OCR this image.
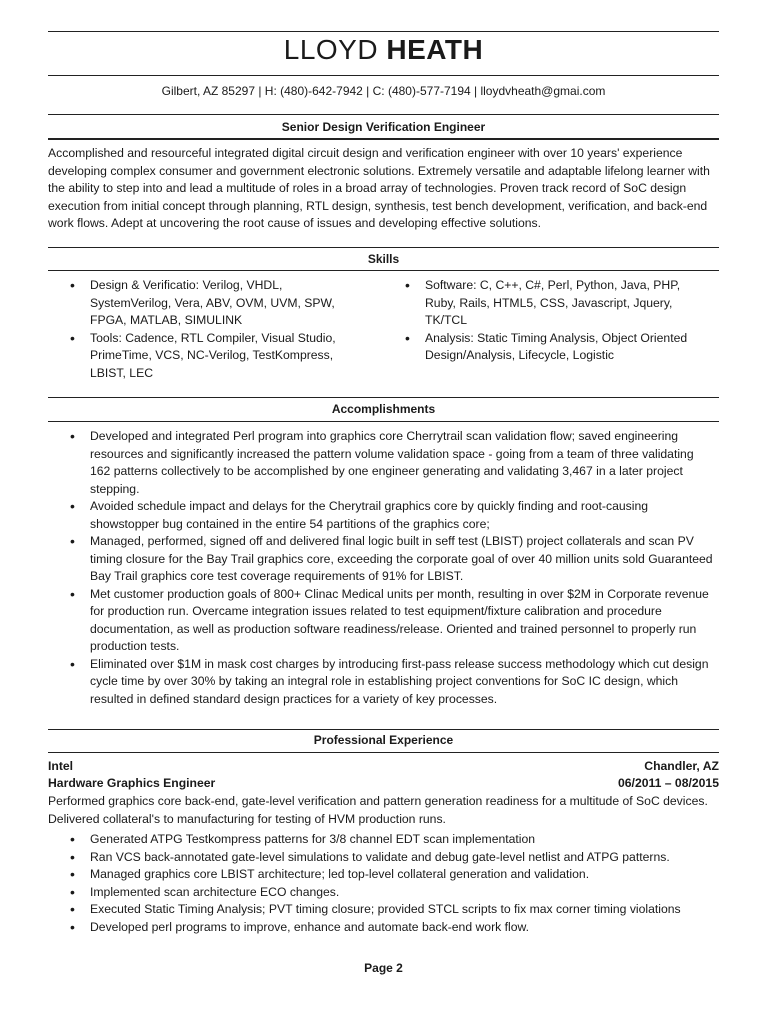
LLOYD HEATH
Gilbert, AZ 85297 | H: (480)-642-7942 | C: (480)-577-7194 | lloydvheath@gmai.com
Senior Design Verification Engineer
Accomplished and resourceful integrated digital circuit design and verification engineer with over 10 years' experience developing complex consumer and government electronic solutions. Extremely versatile and adaptable lifelong learner with the ability to step into and lead a multitude of roles in a broad array of technologies. Proven track record of SoC design execution from initial concept through planning, RTL design, synthesis, test bench development, verification, and back-end work flows. Adept at uncovering the root cause of issues and developing effective solutions.
Skills
• Design & Verificatio: Verilog, VHDL, SystemVerilog, Vera, ABV, OVM, UVM, SPW, FPGA, MATLAB, SIMULINK
• Tools: Cadence, RTL Compiler, Visual Studio, PrimeTime, VCS, NC-Verilog, TestKompress, LBIST, LEC
• Software: C, C++, C#, Perl, Python, Java, PHP, Ruby, Rails, HTML5, CSS, Javascript, Jquery, TK/TCL
• Analysis: Static Timing Analysis, Object Oriented Design/Analysis, Lifecycle, Logistic
Accomplishments
• Developed and integrated Perl program into graphics core Cherrytrail scan validation flow; saved engineering resources and significantly increased the pattern volume validation space - going from a team of three validating 162 patterns collectively to be accomplished by one engineer generating and validating 3,467 in a later project stepping.
• Avoided schedule impact and delays for the Cherytrail graphics core by quickly finding and root-causing showstopper bug contained in the entire 54 partitions of the graphics core;
• Managed, performed, signed off and delivered final logic built in seff test (LBIST) project collaterals and scan PV timing closure for the Bay Trail graphics core, exceeding the corporate goal of over 40 million units sold Guaranteed Bay Trail graphics core test coverage requirements of 91% for LBIST.
• Met customer production goals of 800+ Clinac Medical units per month, resulting in over $2M in Corporate revenue for production run. Overcame integration issues related to test equipment/fixture calibration and procedure documentation, as well as production software readiness/release. Oriented and trained personnel to properly run production tests.
• Eliminated over $1M in mask cost charges by introducing first-pass release success methodology which cut design cycle time by over 30% by taking an integral role in establishing project conventions for SoC IC design, which resulted in defined standard design practices for a variety of key processes.
Professional Experience
Intel	Chandler, AZ
Hardware Graphics Engineer	06/2011 – 08/2015
Performed graphics core back-end, gate-level verification and pattern generation readiness for a multitude of SoC devices. Delivered collateral's to manufacturing for testing of HVM production runs.
• Generated ATPG Testkompress patterns for 3/8 channel EDT scan implementation
• Ran VCS back-annotated gate-level simulations to validate and debug gate-level netlist and ATPG patterns.
• Managed graphics core LBIST architecture; led top-level collateral generation and validation.
• Implemented scan architecture ECO changes.
• Executed Static Timing Analysis; PVT timing closure; provided STCL scripts to fix max corner timing violations
• Developed perl programs to improve, enhance and automate back-end work flow.
Page 2
